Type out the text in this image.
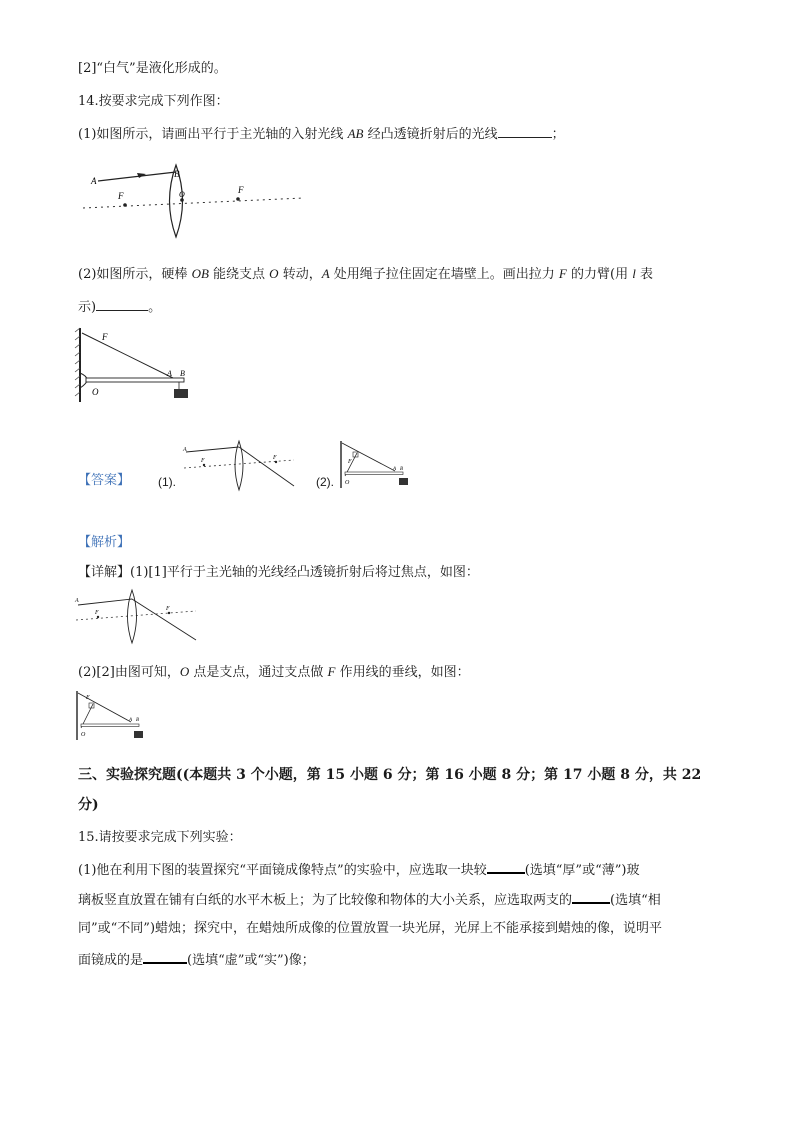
[2]“白气”是液化形成的。
14.按要求完成下列作图：
(1)如图所示，请画出平行于主光轴的入射光线 AB 经凸透镜折射后的光线	；
A
B
F	O	F
(2)如图所示，硬棒 OB 能绕支点 O 转动，A 处用绳子拉住固定在墙壁上。画出拉力 F 的力臂(用 l 表
示)	。
F
A B
O
【答案】 (1).
A
F	F
(2).
F
O
A B
【解析】
【详解】(1)[1]平行于主光轴的光线经凸透镜折射后将过焦点，如图：
A
F
F
(2)[2]由图可知，O 点是支点，通过支点做 F 作用线的垂线，如图：
F
O
A B
三、实验探究题((本题共 3 个小题，第 15 小题 6 分；第 16 小题 8 分；第 17 小题 8 分，共 22
分)
15.请按要求完成下列实验：
(1)他在利用下图的装置探究“平面镜成像特点”的实验中，应选取一块较	(选填“厚”或“薄”)玻
璃板竖直放置在铺有白纸的水平木板上；为了比较像和物体的大小关系，应选取两支的	(选填“相
同”或“不同”)蜡烛；探究中，在蜡烛所成像的位置放置一块光屏，光屏上不能承接到蜡烛的像，说明平
面镜成的是	(选填“虚”或“实”)像；
